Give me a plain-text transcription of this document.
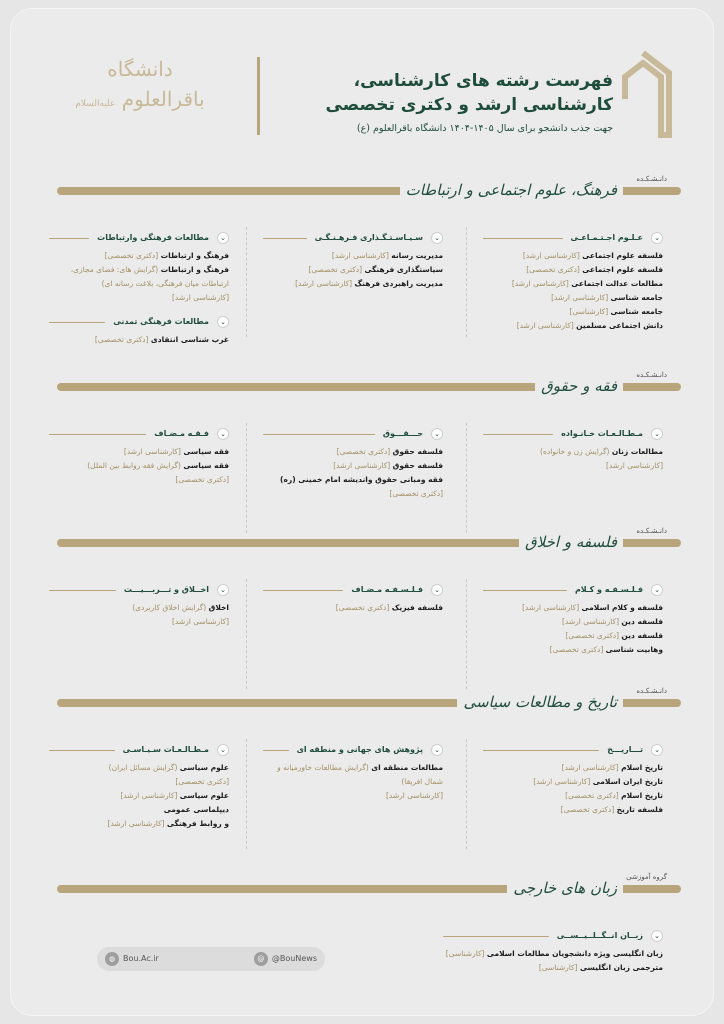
دانشگاه
باقرالعلوم علیه‌السلام
فهرست رشته های کارشناسی،
کارشناسی ارشد و دکتری تخصصی
جهت جذب دانشجو برای سال ۱۴۰۵-۱۴۰۴ دانشگاه باقرالعلوم (ع)
◍ Bou.Ac.ir	@ @BouNews
دانـشـکـده
فرهنگ، علوم اجتماعی و ارتباطات
⌄
عـلـوم اجـتـمـاعـی
فلسفه علوم اجتماعی [کارشناسی ارشد]
فلسفه علوم اجتماعی [دکتری تخصصی]
مطالعات عدالت اجتماعی [کارشناسی ارشد]
جامعه شناسی [کارشناسی ارشد]
جامعه شناسی [کارشناسی]
دانش اجتماعی مسلمین [کارشناسی ارشد]
⌄
سـیـاسـتـگـذاری فـرهـنـگـی
مدیریت رسانه [کارشناسی ارشد]
سیاستگذاری فرهنگی [دکتری تخصصی]
مدیریت راهبردی فرهنگ [کارشناسی ارشد]
⌄
مطالعات فرهنگی وارتباطات
فرهنگ و ارتباطات [دکتری تخصصی]
فرهنگ و ارتباطات (گرایش های: فضای مجازی، ارتباطات میان فرهنگی، بلاغت رسانه ای)
[کارشناسی ارشد]
⌄
مطالعات فرهنگی تمدنی
غرب شناسی انتقادی [دکتری تخصصی]
دانـشـکـده
فقه و حقوق
⌄
مـطـالـعـات خـانـواده
مطالعات زنان (گرایش زن و خانواده)
[کارشناسی ارشد]
⌄
حـــقـــوق
فلسفه حقوق [دکتری تخصصی]
فلسفه حقوق [کارشناسی ارشد]
فقه ومبانی حقوق واندیشه امام خمینی (ره)
[دکتری تخصصی]
⌄
فـقـه مـضـاف
فقه سیاسی [کارشناسی ارشد]
فقه سیاسی (گرایش فقه روابط بین الملل)
[دکتری تخصصی]
دانـشـکـده
فلسفه و اخلاق
⌄
فـلـسـفـه و کـلام
فلسفه و کلام اسلامی [کارشناسی ارشد]
فلسفه دین [کارشناسی ارشد]
فلسفه دین [دکتری تخصصی]
وهابیت شناسی [دکتری تخصصی]
⌄
فـلـسـفـه مـضـاف
فلسفه فیزیک [دکتری تخصصی]
⌄
اخــلاق و تـــربـــیـــت
اخلاق (گرایش اخلاق کاربردی)
[کارشناسی ارشد]
دانـشـکـده
تاریخ و مطالعات سیاسی
⌄
تـــاریـــخ
تاریخ اسلام [کارشناسی ارشد]
تاریخ ایران اسلامی [کارشناسی ارشد]
تاریخ اسلام [دکتری تخصصی]
فلسفه تاریخ [دکتری تخصصی]
⌄
پژوهش های جهانی و منطقه ای
مطالعات منطقه ای (گرایش مطالعات خاورمیانه و شمال افریقا)
[کارشناسی ارشد]
⌄
مـطـالـعـات سـیـاسـی
علوم سیاسی (گرایش مسائل ایران)
[دکتری تخصصی]
علوم سیاسی [کارشناسی ارشد]
دیپلماسی عمومی
و روابط فرهنگی [کارشناسی ارشد]
گروه آموزشی
زبان های خارجی
⌄
زبــان انــگــلــیــســی
زبان انگلیسی ویژه دانشجویان مطالعات اسلامی [کارشناسی]
مترجمی زبان انگلیسی [کارشناسی]
